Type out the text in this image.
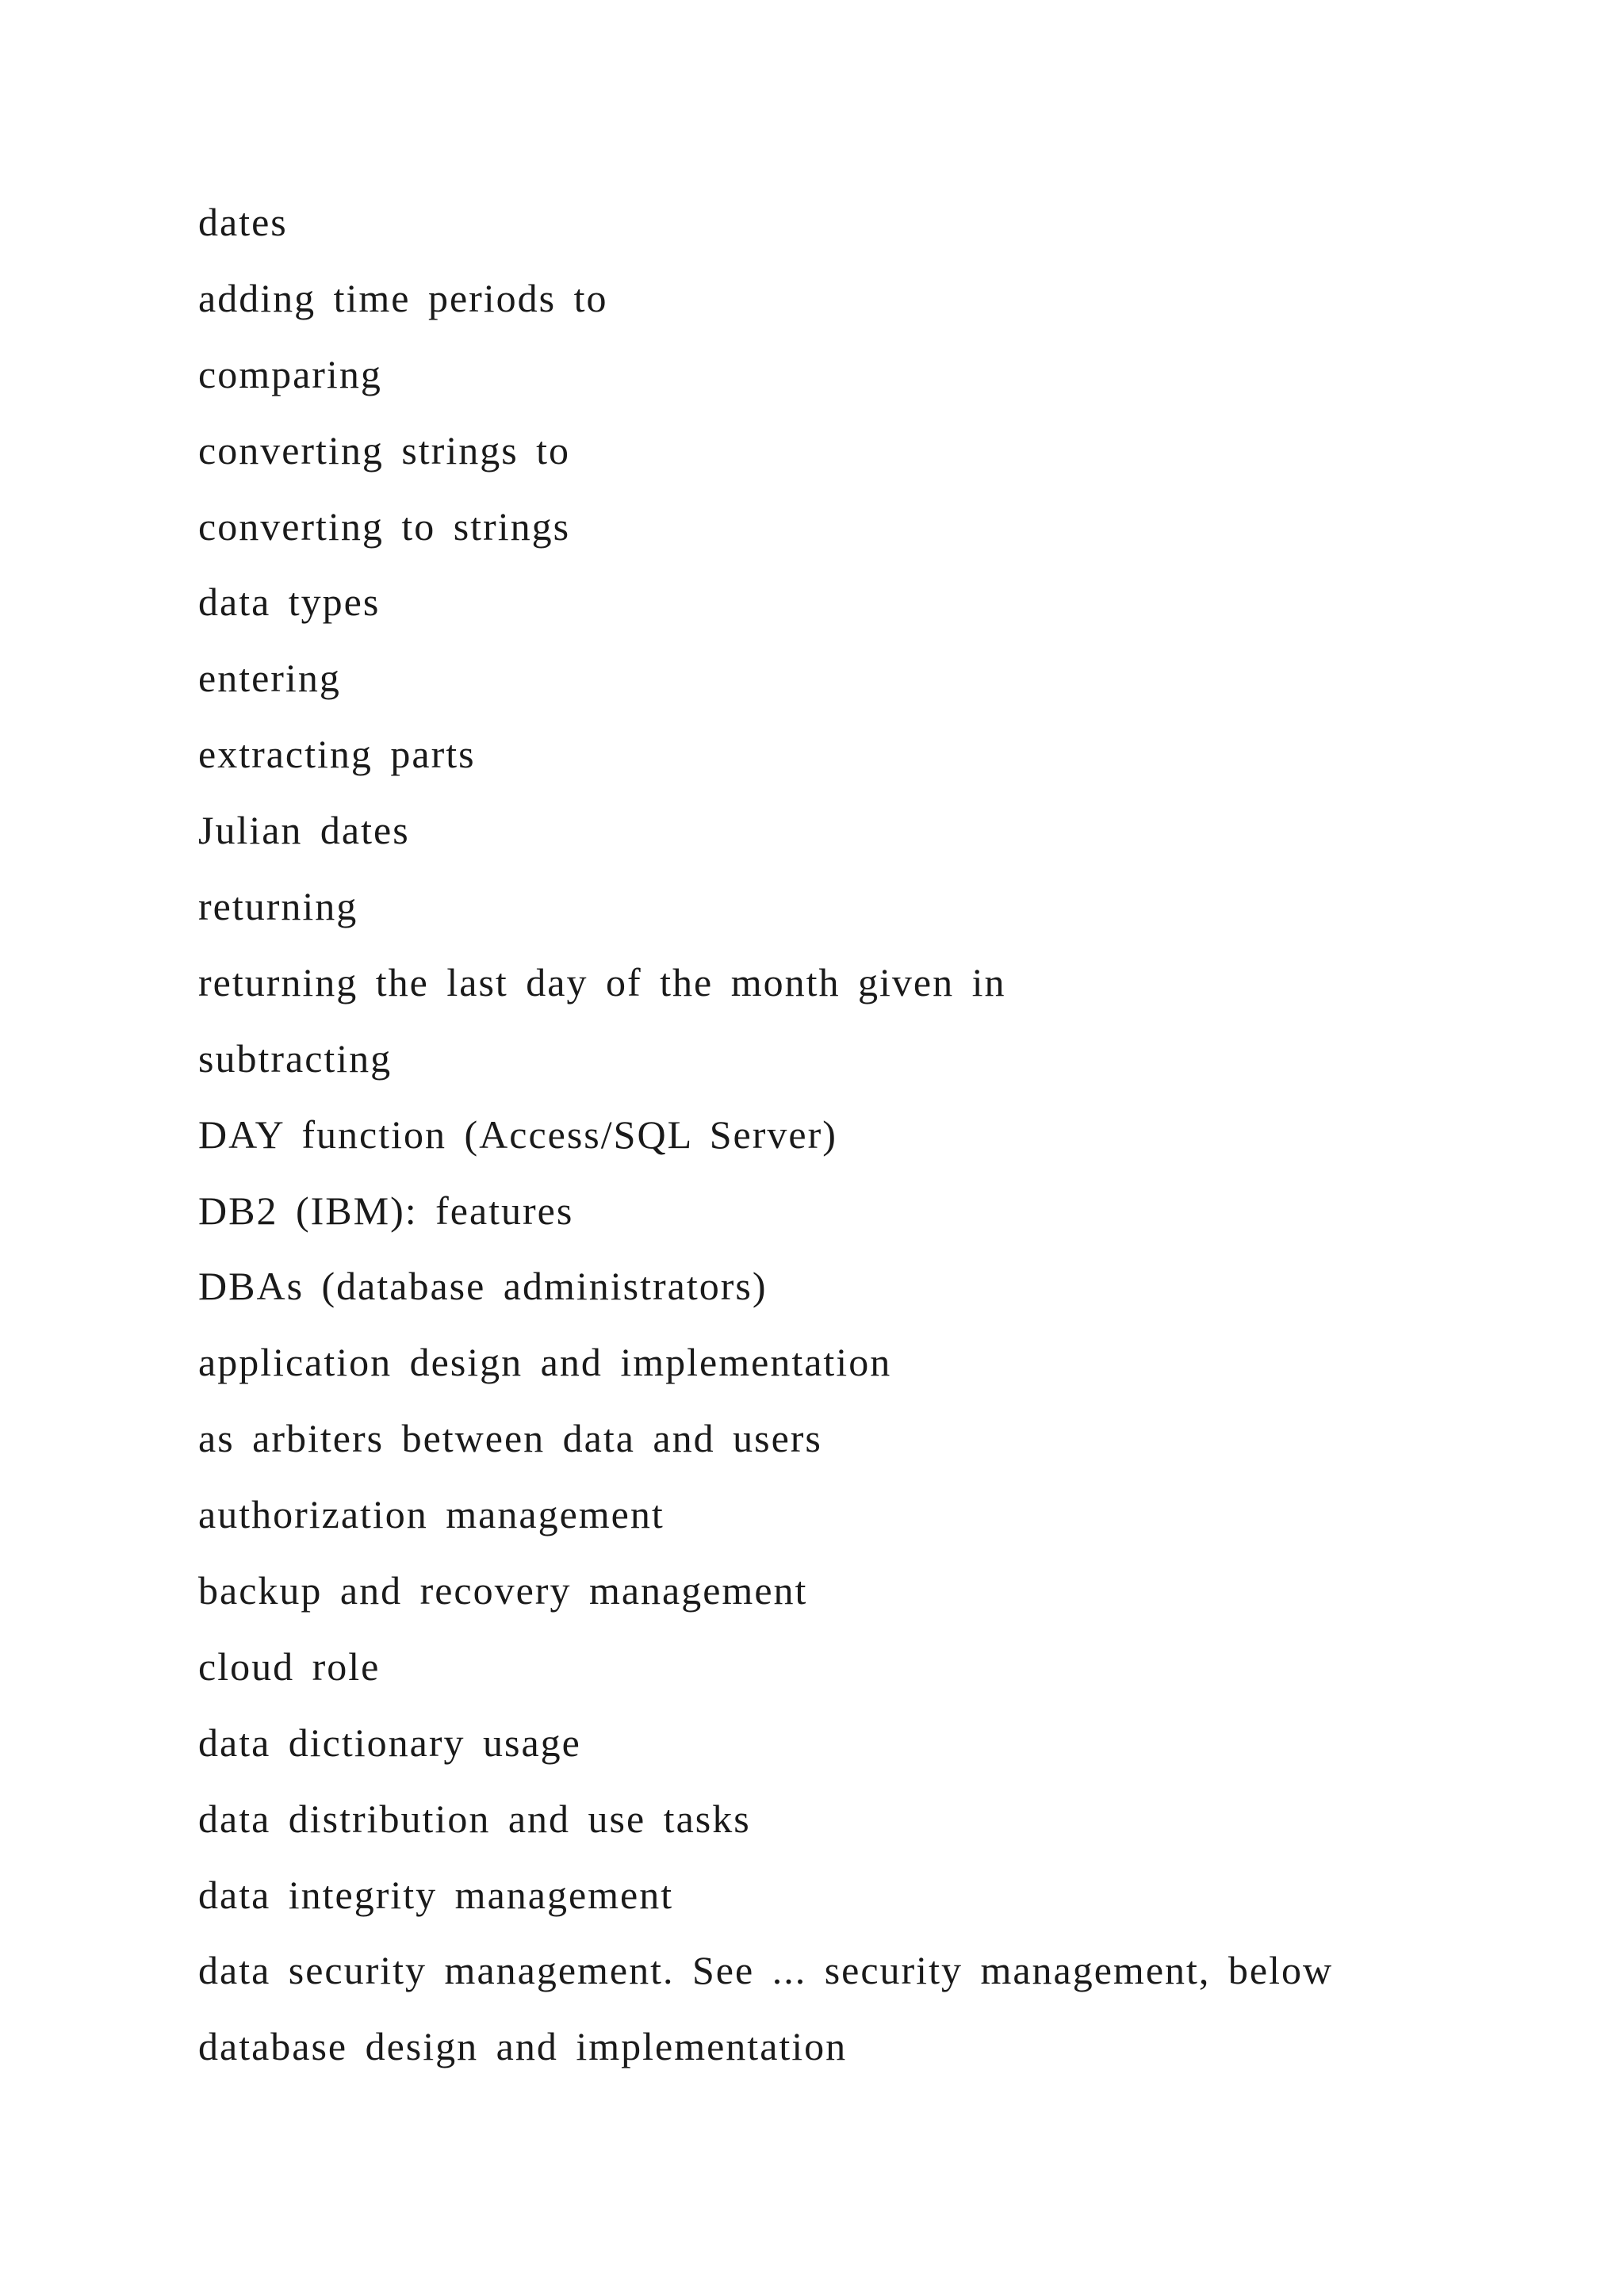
dates
adding time periods to
comparing
converting strings to
converting to strings
data types
entering
extracting parts
Julian dates
returning
returning the last day of the month given in
subtracting
DAY function (Access/SQL Server)
DB2 (IBM): features
DBAs (database administrators)
application design and implementation
as arbiters between data and users
authorization management
backup and recovery management
cloud role
data dictionary usage
data distribution and use tasks
data integrity management
data security management. See ... security management, below
database design and implementation
